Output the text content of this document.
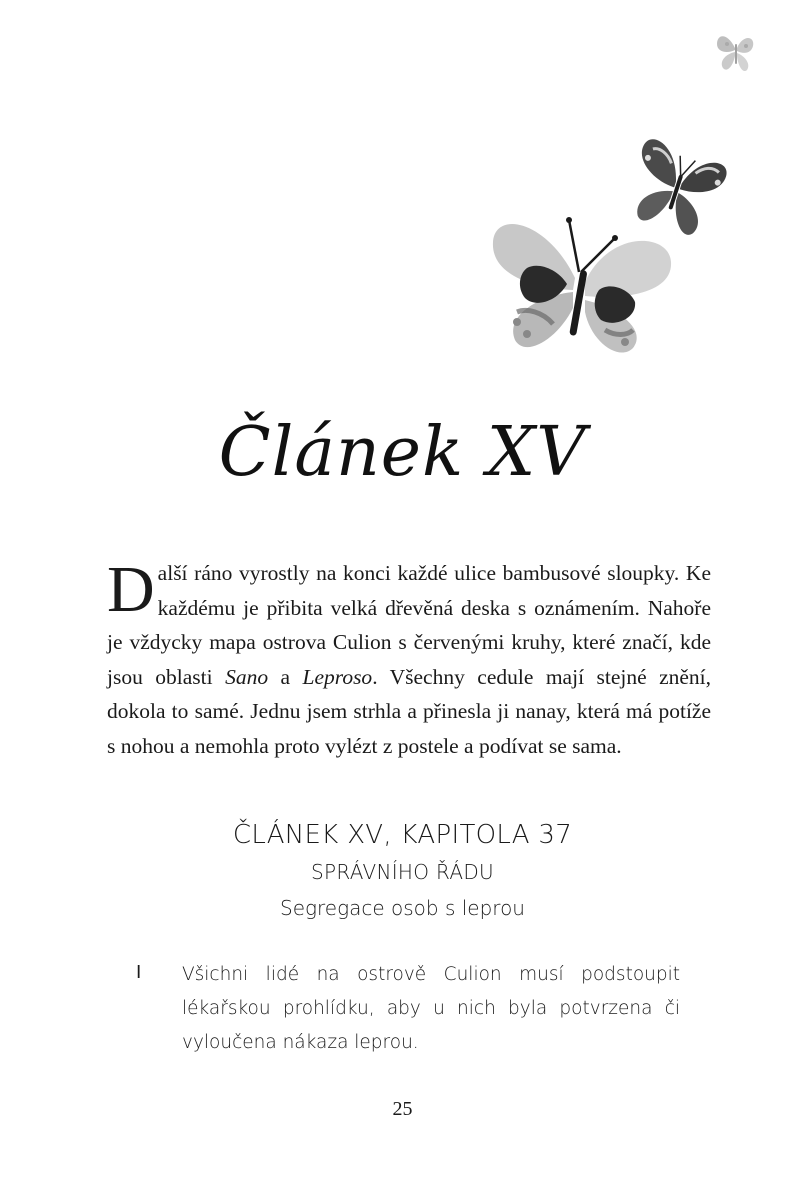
Článek XV
Další ráno vyrostly na konci každé ulice bambusové sloupky. Ke každému je přibita velká dřevěná deska s oznámením. Nahoře je vždycky mapa ostrova Culion s červenými kruhy, které značí, kde jsou oblasti Sano a Leproso. Všechny cedule mají stejné znění, dokola to samé. Jednu jsem strhla a přinesla ji nanay, která má potíže s nohou a nemohla proto vylézt z postele a podívat se sama.
ČLÁNEK XV, KAPITOLA 37
SPRÁVNÍHO ŘÁDU
Segregace osob s leprou
I Všichni lidé na ostrově Culion musí podstoupit lékařskou prohlídku, aby u nich byla potvrzena či vyloučena nákaza leprou.
25
